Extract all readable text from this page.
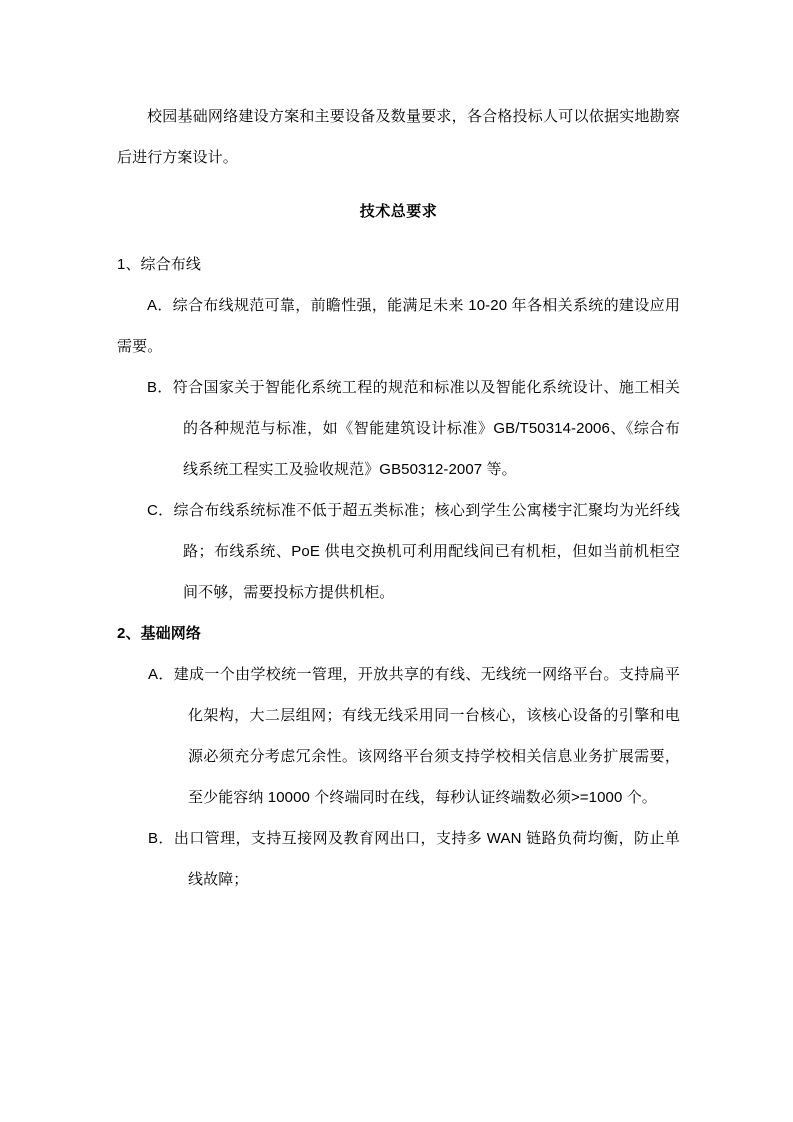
校园基础网络建设方案和主要设备及数量要求，各合格投标人可以依据实地勘察后进行方案设计。

技术总要求

1、综合布线

A．综合布线规范可靠，前瞻性强，能满足未来 10-20 年各相关系统的建设应用需要。

B．符合国家关于智能化系统工程的规范和标准以及智能化系统设计、施工相关的各种规范与标准，如《智能建筑设计标准》GB/T50314-2006、《综合布线系统工程实工及验收规范》GB50312-2007 等。

C．综合布线系统标准不低于超五类标准；核心到学生公寓楼宇汇聚均为光纤线路；布线系统、PoE 供电交换机可利用配线间已有机柜，但如当前机柜空间不够，需要投标方提供机柜。

2、基础网络

A．建成一个由学校统一管理，开放共享的有线、无线统一网络平台。支持扁平化架构，大二层组网；有线无线采用同一台核心，该核心设备的引擎和电源必须充分考虑冗余性。该网络平台须支持学校相关信息业务扩展需要，至少能容纳 10000 个终端同时在线，每秒认证终端数必须>=1000 个。

B．出口管理，支持互接网及教育网出口，支持多 WAN 链路负荷均衡，防止单线故障；
